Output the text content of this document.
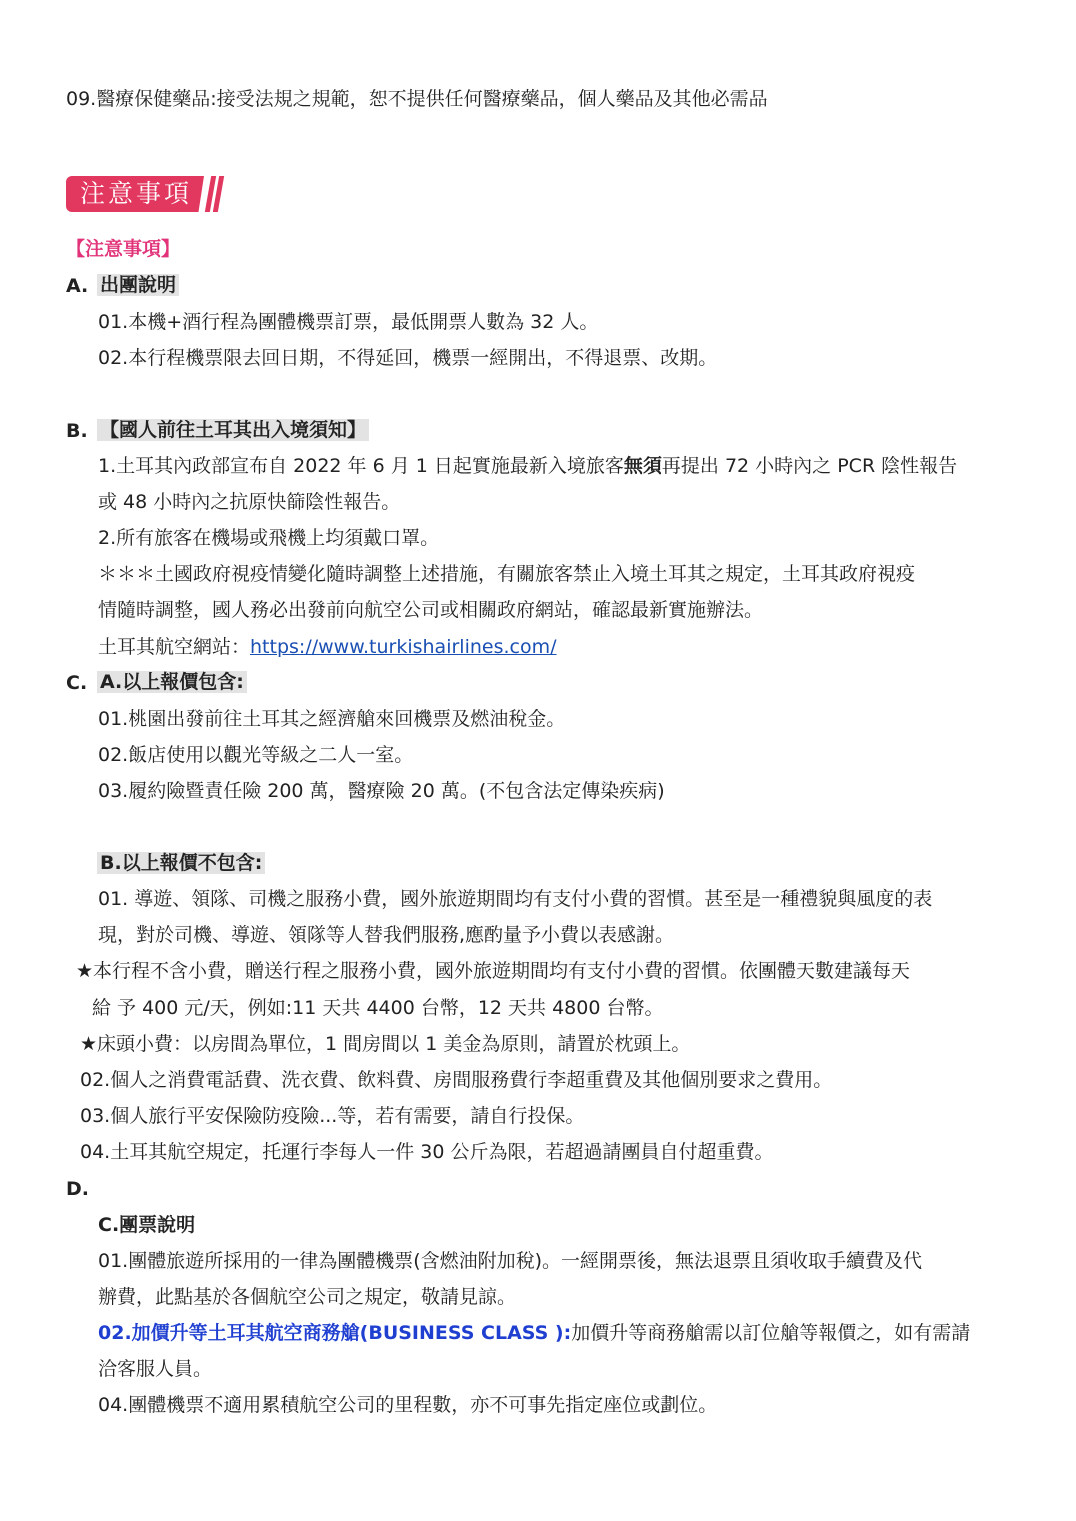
09.醫療保健藥品:接受法規之規範，恕不提供任何醫療藥品，個人藥品及其他必需品
注意事項
【注意事項】
A. 出團說明
01.本機+酒行程為團體機票訂票，最低開票人數為 32 人。
02.本行程機票限去回日期，不得延回，機票一經開出，不得退票、改期。
B. 【國人前往土耳其出入境須知】
1.土耳其內政部宣布自 2022 年 6 月 1 日起實施最新入境旅客無須再提出 72 小時內之 PCR 陰性報告
或 48 小時內之抗原快篩陰性報告。
2.所有旅客在機場或飛機上均須戴口罩。
＊＊＊土國政府視疫情變化隨時調整上述措施，有關旅客禁止入境土耳其之規定，土耳其政府視疫
情隨時調整，國人務必出發前向航空公司或相關政府網站，確認最新實施辦法。
土耳其航空網站：https://www.turkishairlines.com/
C. A.以上報價包含:
01.桃園出發前往土耳其之經濟艙來回機票及燃油稅金。
02.飯店使用以觀光等級之二人一室。
03.履約險暨責任險 200 萬，醫療險 20 萬。(不包含法定傳染疾病)
B.以上報價不包含:
01. 導遊、領隊、司機之服務小費，國外旅遊期間均有支付小費的習慣。甚至是一種禮貌與風度的表
現，對於司機、導遊、領隊等人替我們服務,應酌量予小費以表感謝。
★本行程不含小費，贈送行程之服務小費，國外旅遊期間均有支付小費的習慣。依團體天數建議每天
給 予 400 元/天，例如:11 天共 4400 台幣，12 天共 4800 台幣。
★床頭小費：以房間為單位，1 間房間以 1 美金為原則，請置於枕頭上。
02.個人之消費電話費、洗衣費、飲料費、房間服務費行李超重費及其他個別要求之費用。
03.個人旅行平安保險防疫險...等，若有需要，請自行投保。
04.土耳其航空規定，托運行李每人一件 30 公斤為限，若超過請團員自付超重費。
D.
C.團票說明
01.團體旅遊所採用的一律為團體機票(含燃油附加稅)。一經開票後，無法退票且須收取手續費及代
辦費，此點基於各個航空公司之規定，敬請見諒。
02.加價升等土耳其航空商務艙(BUSINESS CLASS ):加價升等商務艙需以訂位艙等報價之，如有需請
洽客服人員。
04.團體機票不適用累積航空公司的里程數，亦不可事先指定座位或劃位。
